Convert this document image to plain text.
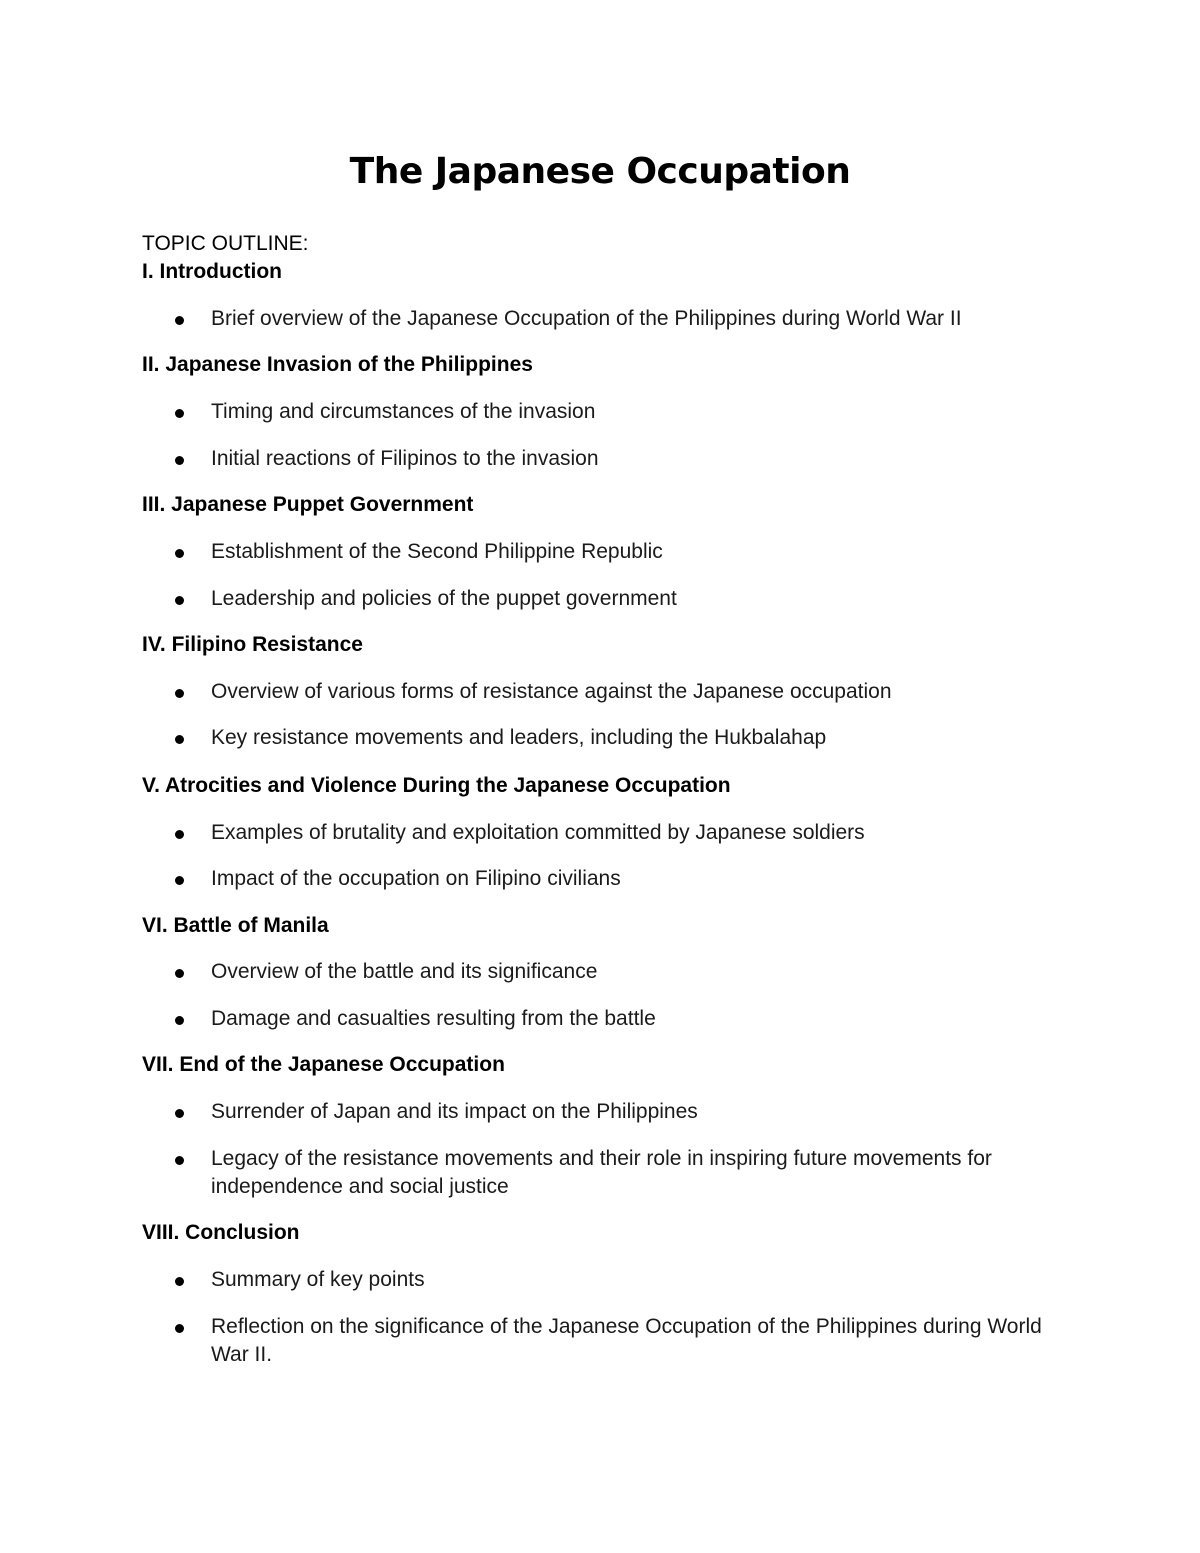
The Japanese Occupation

TOPIC OUTLINE:

I. Introduction

Brief overview of the Japanese Occupation of the Philippines during World War II

II. Japanese Invasion of the Philippines

Timing and circumstances of the invasion
Initial reactions of Filipinos to the invasion

III. Japanese Puppet Government

Establishment of the Second Philippine Republic
Leadership and policies of the puppet government

IV. Filipino Resistance

Overview of various forms of resistance against the Japanese occupation
Key resistance movements and leaders, including the Hukbalahap

V. Atrocities and Violence During the Japanese Occupation

Examples of brutality and exploitation committed by Japanese soldiers
Impact of the occupation on Filipino civilians

VI. Battle of Manila

Overview of the battle and its significance
Damage and casualties resulting from the battle

VII. End of the Japanese Occupation

Surrender of Japan and its impact on the Philippines
Legacy of the resistance movements and their role in inspiring future movements for independence and social justice

VIII. Conclusion

Summary of key points
Reflection on the significance of the Japanese Occupation of the Philippines during World War II.
